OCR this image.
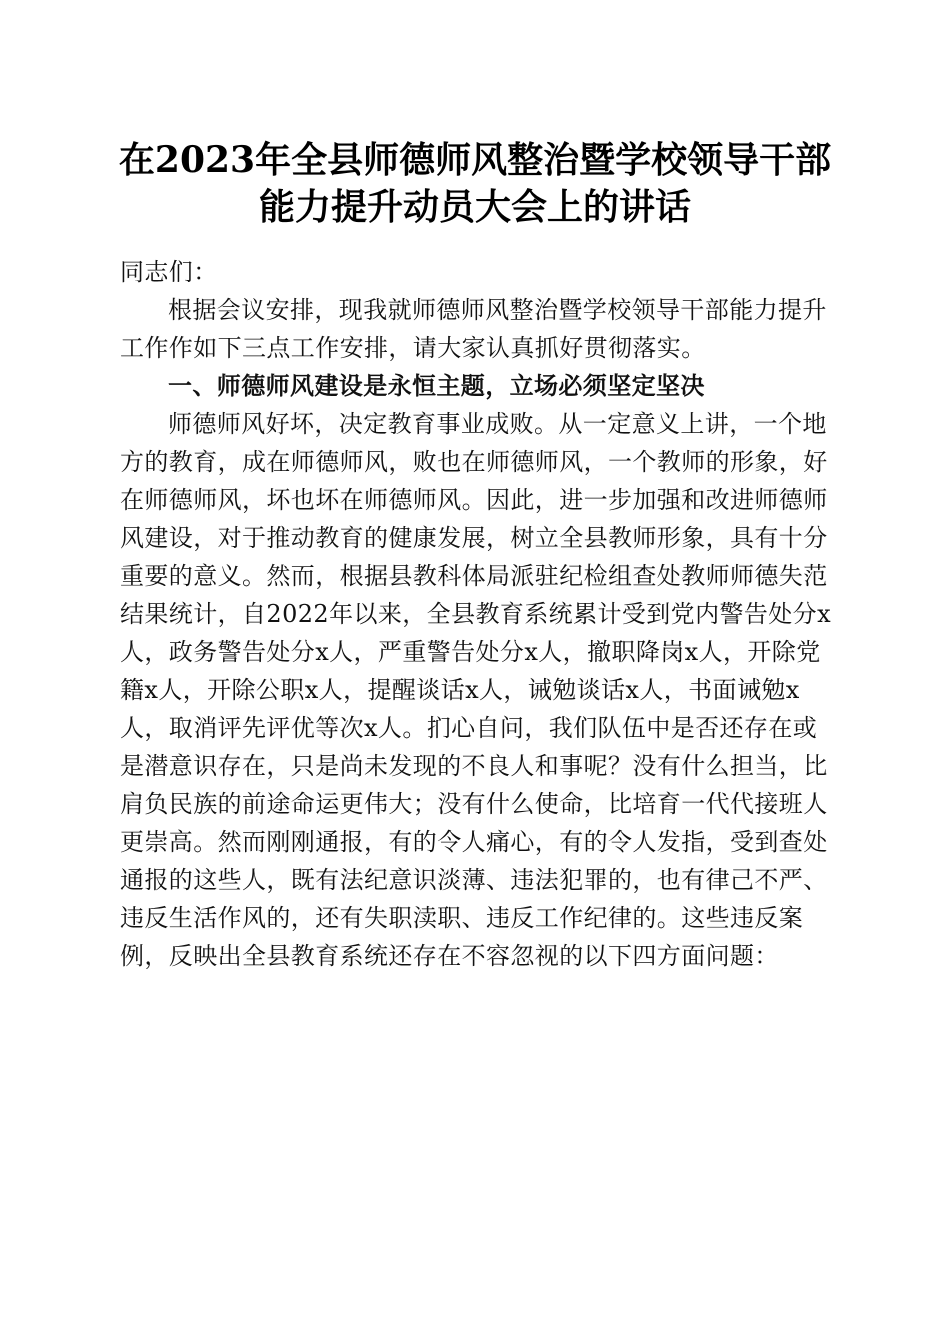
在2023年全县师德师风整治暨学校领导干部
能力提升动员大会上的讲话

同志们：

根据会议安排，现我就师德师风整治暨学校领导干部能力提升工作作如下三点工作安排，请大家认真抓好贯彻落实。

一、师德师风建设是永恒主题，立场必须坚定坚决

师德师风好坏，决定教育事业成败。从一定意义上讲，一个地方的教育，成在师德师风，败也在师德师风，一个教师的形象，好在师德师风，坏也坏在师德师风。因此，进一步加强和改进师德师风建设，对于推动教育的健康发展，树立全县教师形象，具有十分重要的意义。然而，根据县教科体局派驻纪检组查处教师师德失范结果统计，自2022年以来，全县教育系统累计受到党内警告处分x人，政务警告处分x人，严重警告处分x人，撤职降岗x人，开除党籍x人，开除公职x人，提醒谈话x人，诫勉谈话x人，书面诫勉x人，取消评先评优等次x人。扪心自问，我们队伍中是否还存在或是潜意识存在，只是尚未发现的不良人和事呢？没有什么担当，比肩负民族的前途命运更伟大；没有什么使命，比培育一代代接班人更崇高。然而刚刚通报，有的令人痛心，有的令人发指，受到查处通报的这些人，既有法纪意识淡薄、违法犯罪的，也有律己不严、违反生活作风的，还有失职渎职、违反工作纪律的。这些违反案例，反映出全县教育系统还存在不容忽视的以下四方面问题：
